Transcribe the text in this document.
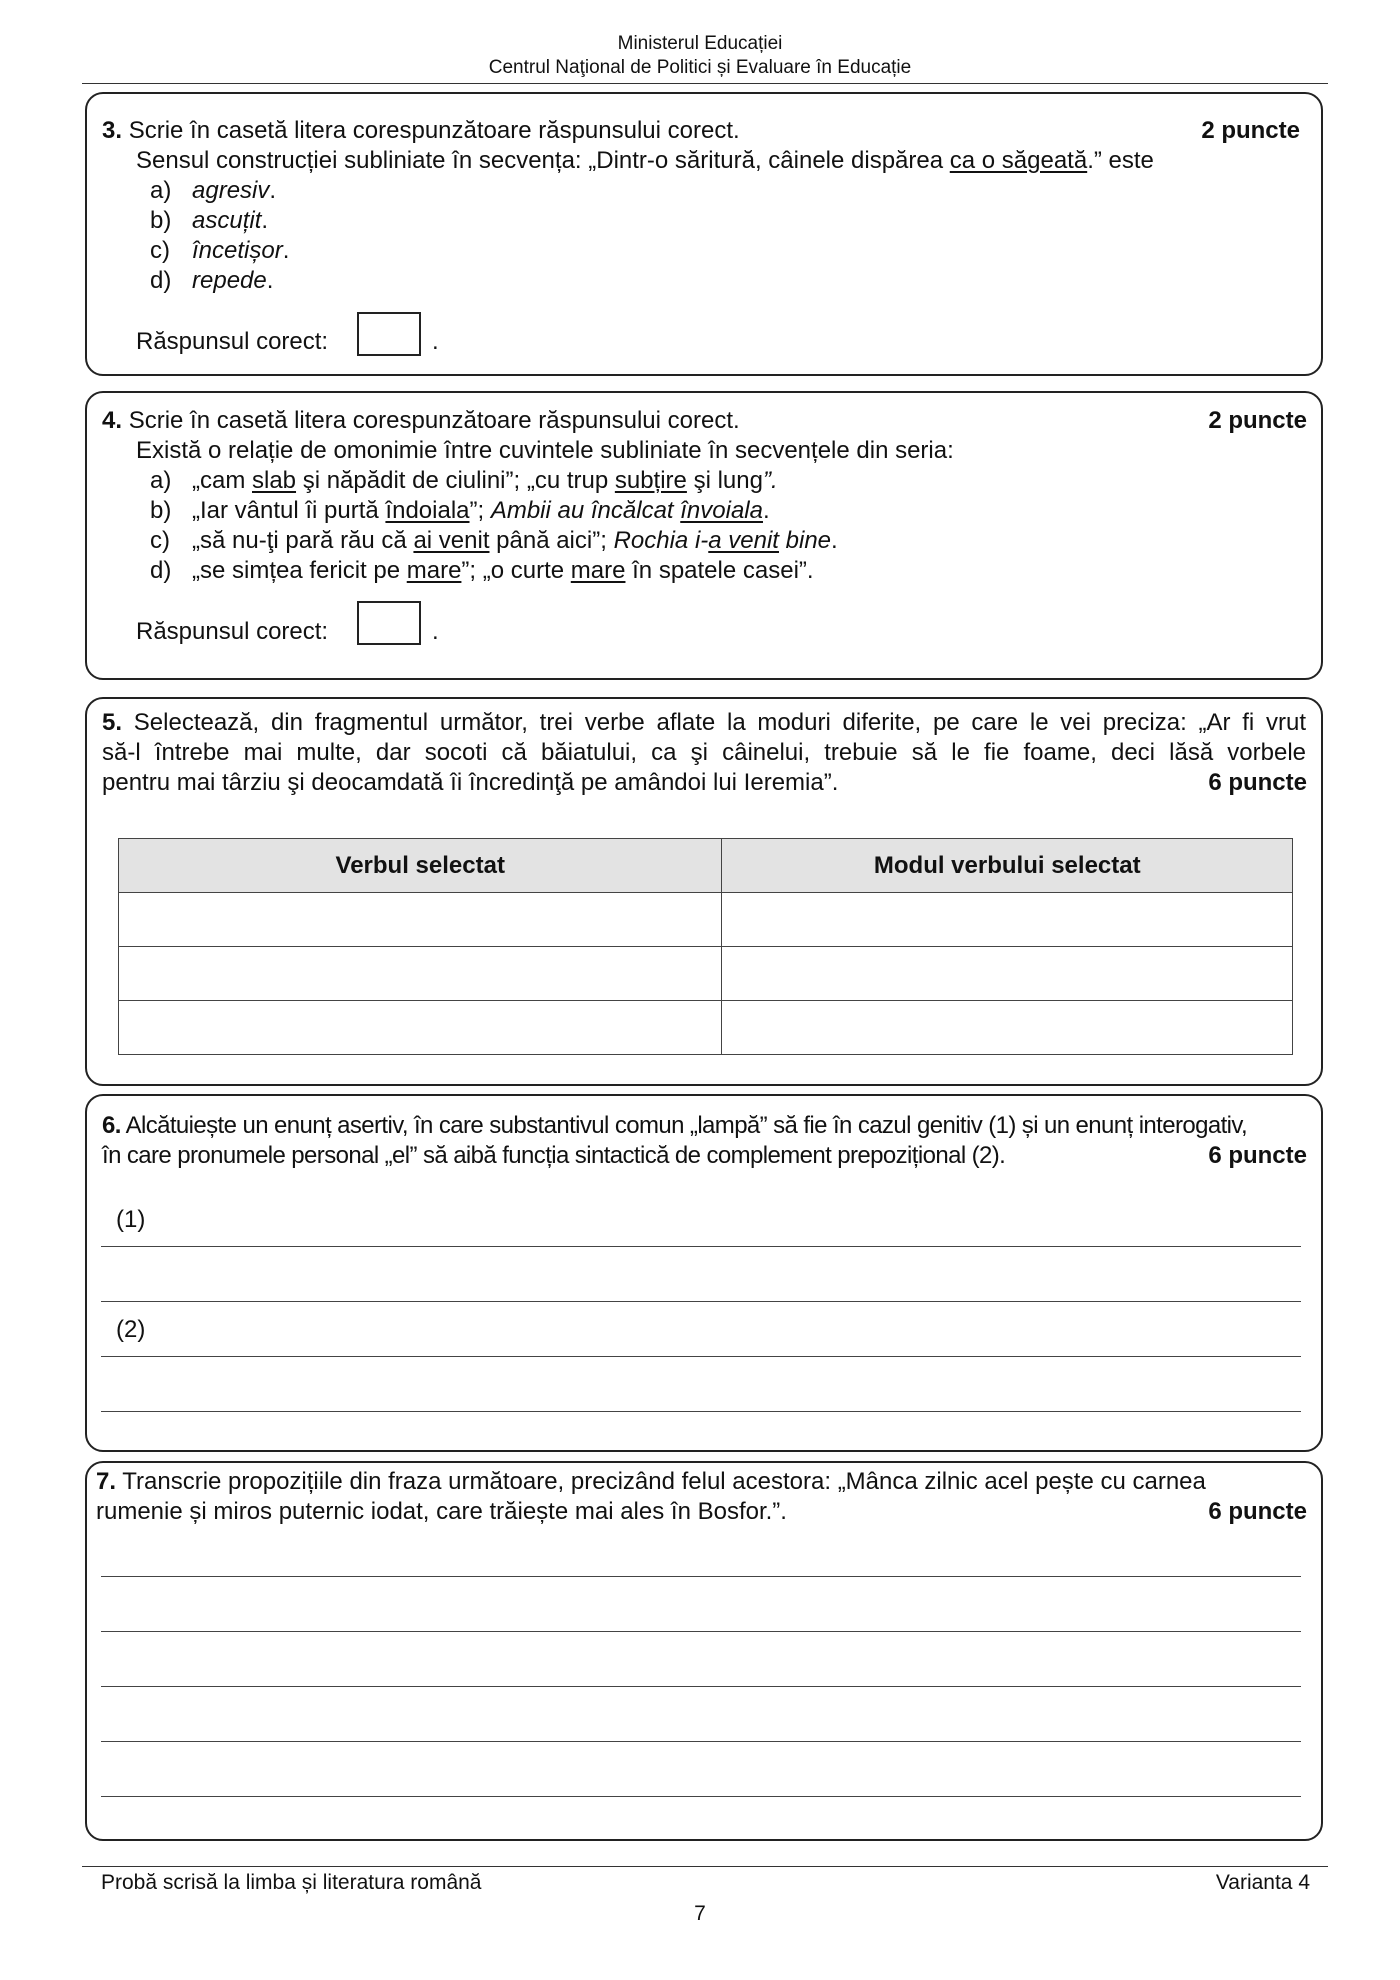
Ministerul Educației
Centrul Naţional de Politici și Evaluare în Educație
3. Scrie în casetă litera corespunzătoare răspunsului corect.	2 puncte
Sensul construcției subliniate în secvența: „Dintr-o săritură, câinele dispărea ca o săgeată.” este
a) agresiv.
b) ascuțit.
c) încetișor.
d) repede.
Răspunsul corect:	.
4. Scrie în casetă litera corespunzătoare răspunsului corect.	2 puncte
Există o relație de omonimie între cuvintele subliniate în secvențele din seria:
a) „cam slab şi năpădit de ciulini”; „cu trup subțire şi lung”.
b) „Iar vântul îi purtă îndoiala”; Ambii au încălcat învoiala.
c) „să nu-ţi pară rău că ai venit până aici”; Rochia i-a venit bine.
d) „se simțea fericit pe mare”; „o curte mare în spatele casei”.
Răspunsul corect:	.
5. Selectează, din fragmentul următor, trei verbe aflate la moduri diferite, pe care le vei preciza: „Ar fi vrut
să-l întrebe mai multe, dar socoti că băiatului, ca şi câinelui, trebuie să le fie foame, deci lăsă vorbele
pentru mai târziu şi deocamdată îi încredinţă pe amândoi lui Ieremia”.	6 puncte
Verbul selectat	Modul verbului selectat

6. Alcătuiește un enunț asertiv, în care substantivul comun „lampă” să fie în cazul genitiv (1) și un enunț interogativ,
în care pronumele personal „el” să aibă funcția sintactică de complement prepozițional (2).	6 puncte
(1)
(2)
7. Transcrie propozițiile din fraza următoare, precizând felul acestora: „Mânca zilnic acel pește cu carnea
rumenie și miros puternic iodat, care trăiește mai ales în Bosfor.”.	6 puncte
Probă scrisă la limba și literatura română	Varianta 4
7
